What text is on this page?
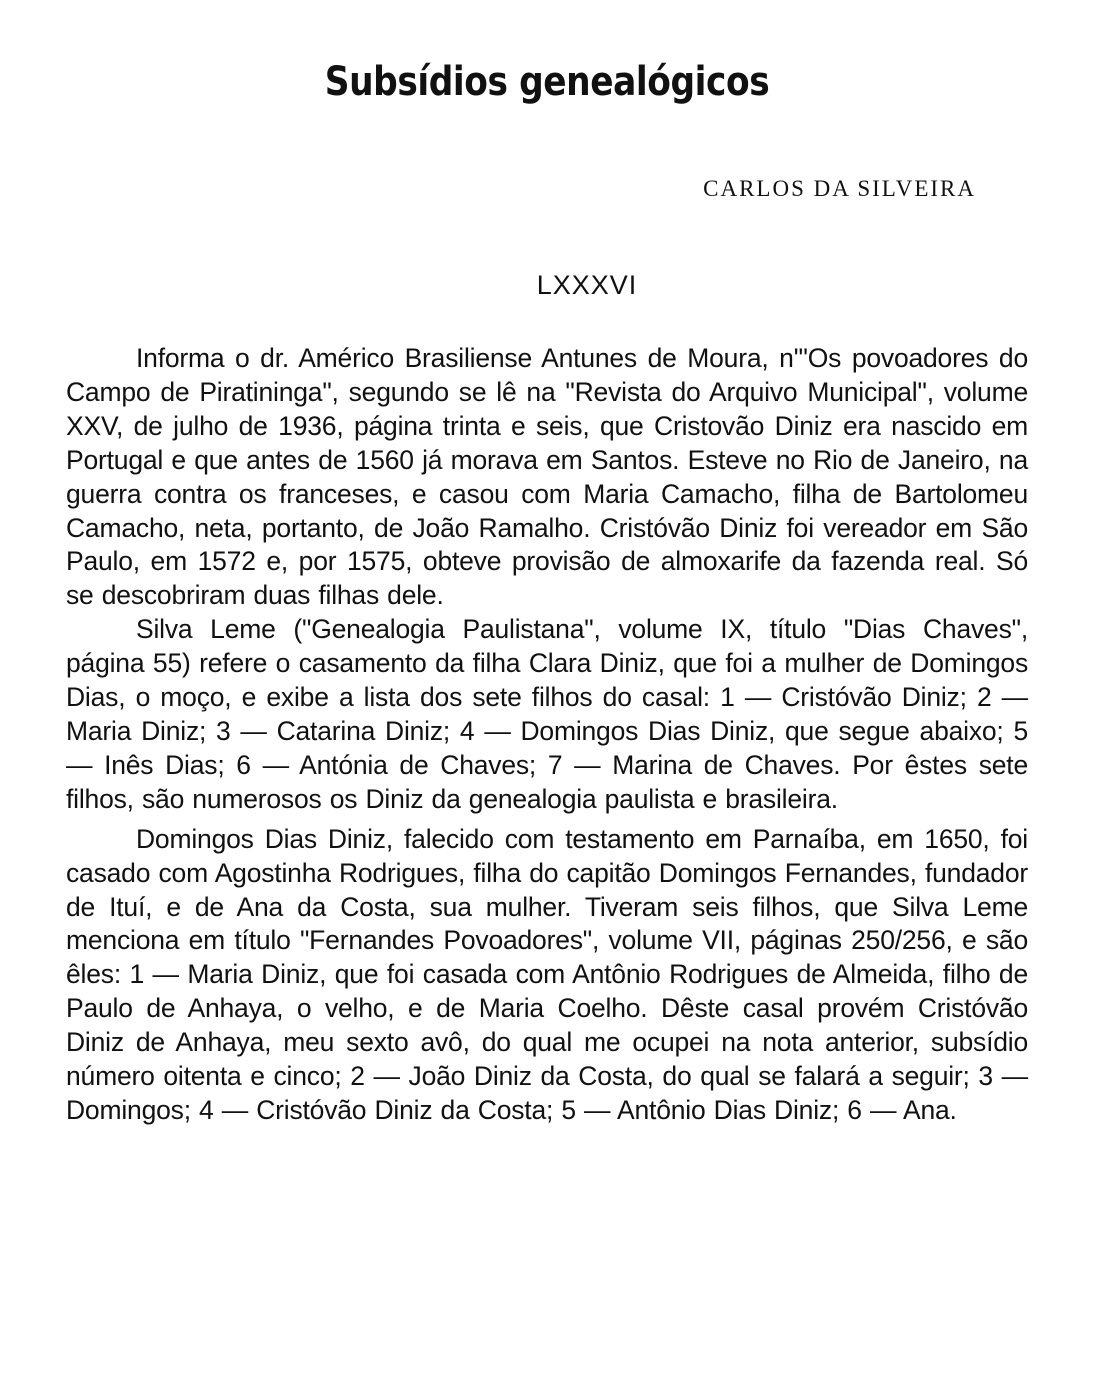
Subsídios genealógicos

CARLOS DA SILVEIRA

LXXXVI

Informa o dr. Américo Brasiliense Antunes de Moura, n'"Os povoadores do Campo de Piratininga", segundo se lê na "Revista do Arquivo Municipal", volume XXV, de julho de 1936, página trinta e seis, que Cristovão Diniz era nascido em Portugal e que antes de 1560 já morava em Santos. Esteve no Rio de Janeiro, na guerra contra os franceses, e casou com Maria Camacho, filha de Bartolomeu Camacho, neta, portanto, de João Ramalho. Cristóvão Diniz foi vereador em São Paulo, em 1572 e, por 1575, obteve provisão de almoxarife da fazenda real. Só se descobriram duas filhas dele.

Silva Leme ("Genealogia Paulistana", volume IX, título "Dias Chaves", página 55) refere o casamento da filha Clara Diniz, que foi a mulher de Domingos Dias, o moço, e exibe a lista dos sete filhos do casal: 1 — Cristóvão Diniz; 2 — Maria Diniz; 3 — Catarina Diniz; 4 — Domingos Dias Diniz, que segue abaixo; 5 — Inês Dias; 6 — Antónia de Chaves; 7 — Marina de Chaves. Por êstes sete filhos, são numerosos os Diniz da genealogia paulista e brasileira.

Domingos Dias Diniz, falecido com testamento em Parnaíba, em 1650, foi casado com Agostinha Rodrigues, filha do capitão Domingos Fernandes, fundador de Ituí, e de Ana da Costa, sua mulher. Tiveram seis filhos, que Silva Leme menciona em título "Fernandes Povoadores", volume VII, páginas 250/256, e são êles: 1 — Maria Diniz, que foi casada com Antônio Rodrigues de Almeida, filho de Paulo de Anhaya, o velho, e de Maria Coelho. Dêste casal provém Cristóvão Diniz de Anhaya, meu sexto avô, do qual me ocupei na nota anterior, subsídio número oitenta e cinco; 2 — João Diniz da Costa, do qual se falará a seguir; 3 — Domingos; 4 — Cristóvão Diniz da Costa; 5 — Antônio Dias Diniz; 6 — Ana.
